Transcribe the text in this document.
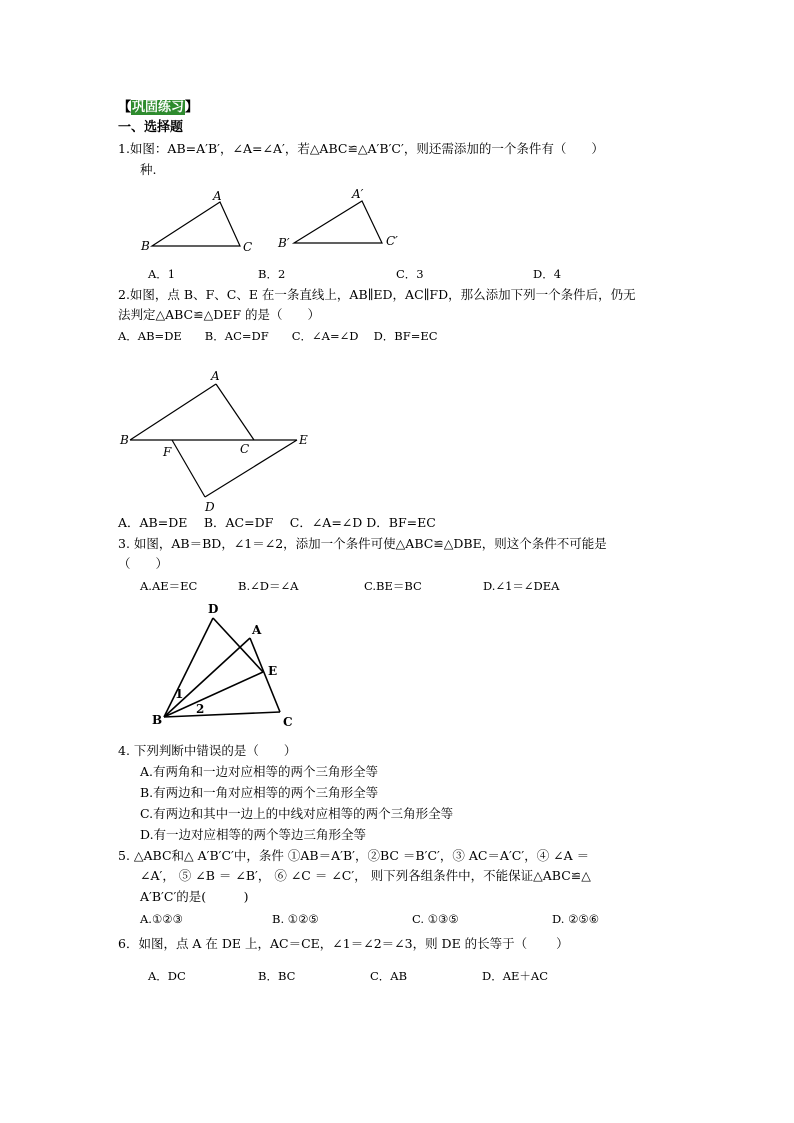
【巩固练习】
一、选择题
1.如图：AB=A′B′，∠A=∠A′，若△ABC≌△A′B′C′，则还需添加的一个条件有（　　）
种.
A
B	C
A′
B′	C′
A
B
C
D
E
F
D
A
E
B	C
1
2
A．1	B．2	C．3	D．4
2.如图，点 B、F、C、E 在一条直线上，AB∥ED，AC∥FD，那么添加下列一个条件后，仍无
法判定△ABC≌△DEF 的是（　　）
A．AB=DE　　B．AC=DF　　C．∠A=∠D　 D．BF=EC
A．AB=DE　 B．AC=DF　 C．∠A=∠D D．BF=EC
3. 如图，AB＝BD，∠1＝∠2，添加一个条件可使△ABC≌△DBE，则这个条件不可能是
（　　）
A.AE＝EC	B.∠D＝∠A	C.BE＝BC	D.∠1＝∠DEA
4. 下列判断中错误的是（　　）
A.有两角和一边对应相等的两个三角形全等
B.有两边和一角对应相等的两个三角形全等
C.有两边和其中一边上的中线对应相等的两个三角形全等
D.有一边对应相等的两个等边三角形全等
5. △ABC和△ A′B′C′中，条件 ①AB＝A′B′，②BC ＝B′C′，③ AC＝A′C′，④ ∠A ＝
∠A′， ⑤ ∠B ＝ ∠B′， ⑥ ∠C ＝ ∠C′， 则下列各组条件中，不能保证△ABC≌△
A′B′C′的是(　　　)
A.①②③	B. ①②⑤	C. ①③⑤	D. ②⑤⑥
6．如图，点 A 在 DE 上，AC＝CE，∠1＝∠2＝∠3，则 DE 的长等于（　　 ）
A．DC	B．BC	C．AB	D．AE＋AC
